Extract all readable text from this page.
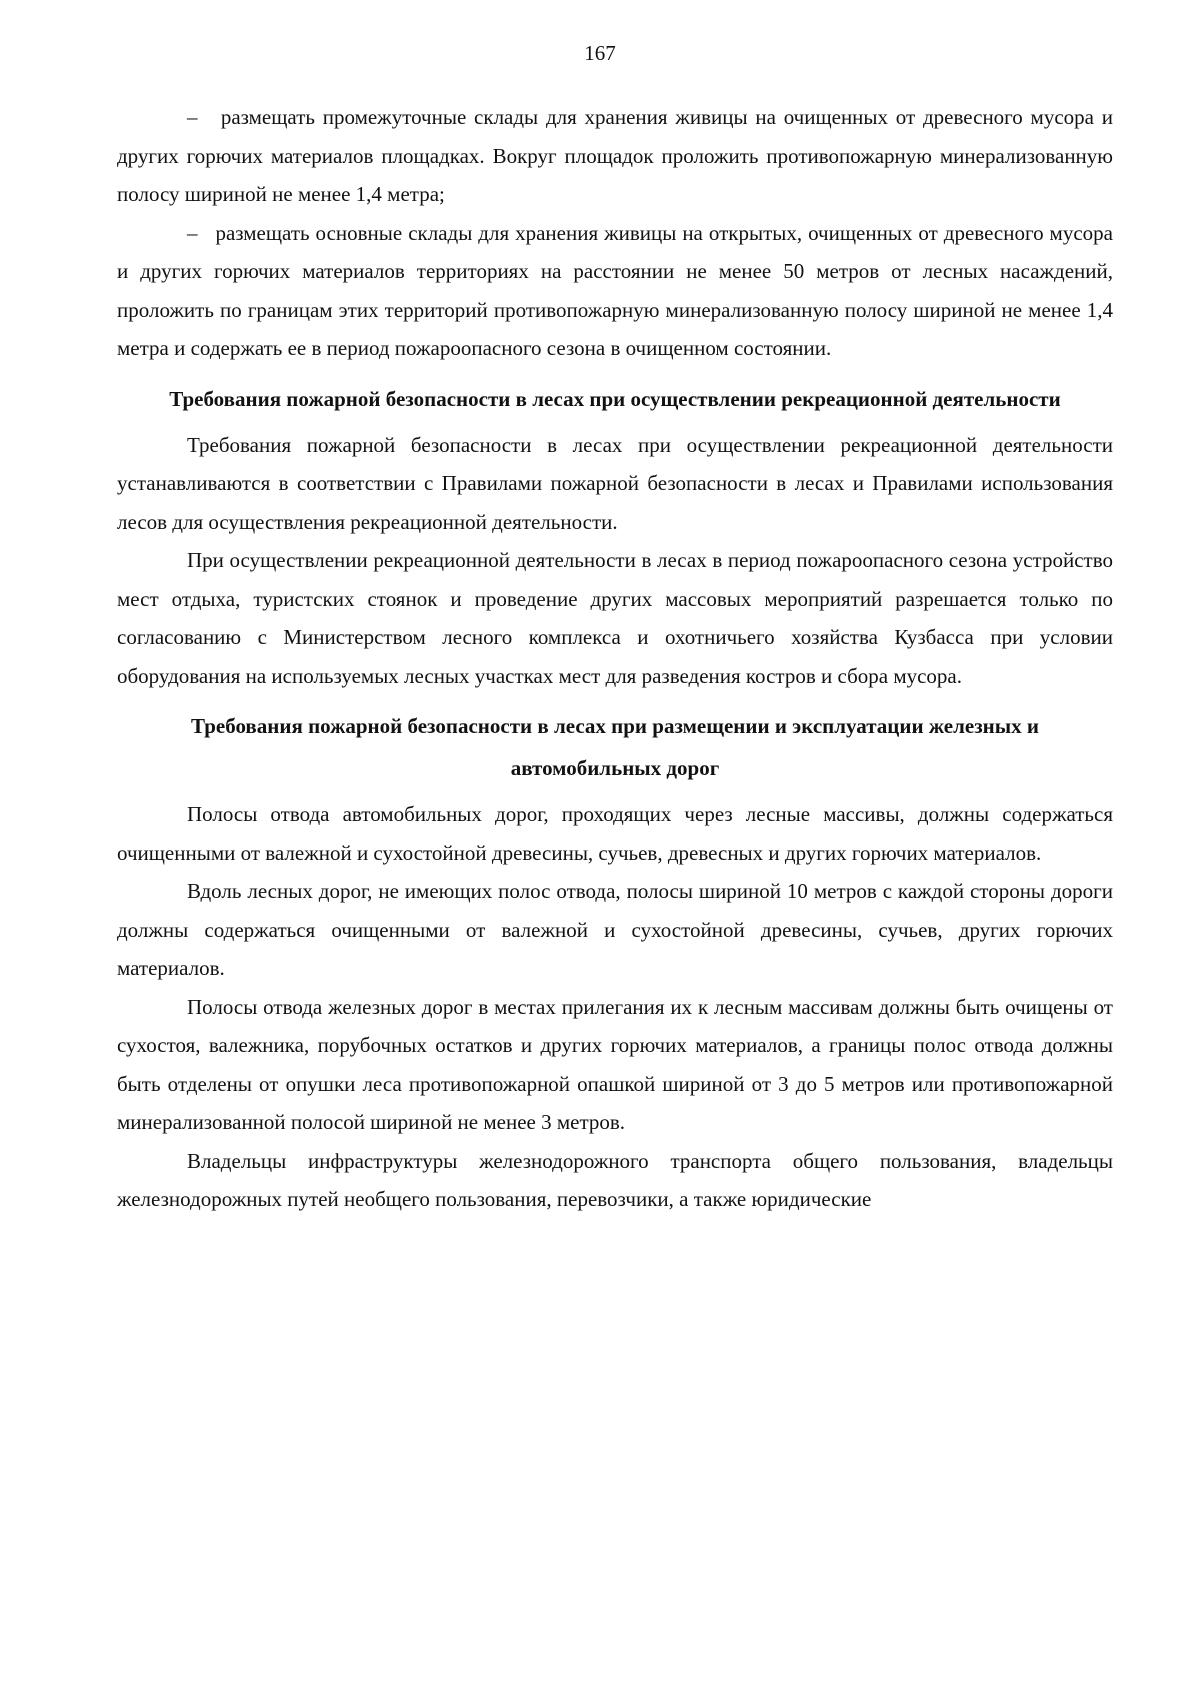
167

–   размещать промежуточные склады для хранения живицы на очищенных от древесного мусора и других горючих материалов площадках. Вокруг площадок проложить противопожарную минерализованную полосу шириной не менее 1,4 метра;

–   размещать основные склады для хранения живицы на открытых, очищенных от древесного мусора и других горючих материалов территориях на расстоянии не менее 50 метров от лесных насаждений, проложить по границам этих территорий противопожарную минерализованную полосу шириной не менее 1,4 метра и содержать ее в период пожароопасного сезона в очищенном состоянии.

Требования пожарной безопасности в лесах при осуществлении рекреационной деятельности

Требования пожарной безопасности в лесах при осуществлении рекреационной деятельности устанавливаются в соответствии с Правилами пожарной безопасности в лесах и Правилами использования лесов для осуществления рекреационной деятельности.

При осуществлении рекреационной деятельности в лесах в период пожароопасного сезона устройство мест отдыха, туристских стоянок и проведение других массовых мероприятий разрешается только по согласованию с Министерством лесного комплекса и охотничьего хозяйства Кузбасса при условии оборудования на используемых лесных участках мест для разведения костров и сбора мусора.

Требования пожарной безопасности в лесах при размещении и эксплуатации железных и автомобильных дорог

Полосы отвода автомобильных дорог, проходящих через лесные массивы, должны содержаться очищенными от валежной и сухостойной древесины, сучьев, древесных и других горючих материалов.

Вдоль лесных дорог, не имеющих полос отвода, полосы шириной 10 метров с каждой стороны дороги должны содержаться очищенными от валежной и сухостойной древесины, сучьев, других горючих материалов.

Полосы отвода железных дорог в местах прилегания их к лесным массивам должны быть очищены от сухостоя, валежника, порубочных остатков и других горючих материалов, а границы полос отвода должны быть отделены от опушки леса противопожарной опашкой шириной от 3 до 5 метров или противопожарной минерализованной полосой шириной не менее 3 метров.

Владельцы инфраструктуры железнодорожного транспорта общего пользования, владельцы железнодорожных путей необщего пользования, перевозчики, а также юридические
